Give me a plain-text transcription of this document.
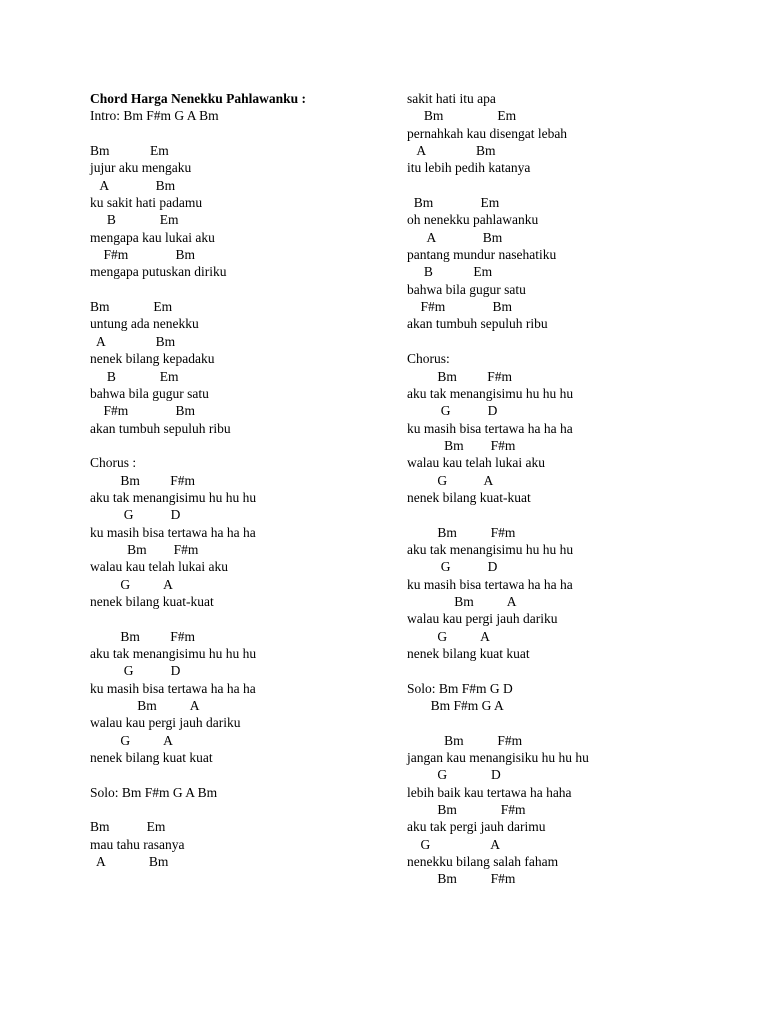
Chord Harga Nenekku Pahlawanku :
Intro: Bm F#m G A Bm
Bm            Em
jujur aku mengaku
A              Bm
ku sakit hati padamu
B             Em
mengapa kau lukai aku
F#m              Bm
mengapa putuskan diriku
Bm             Em
untung ada nenekku
A               Bm
nenek bilang kepadaku
B             Em
bahwa bila gugur satu
F#m              Bm
akan tumbuh sepuluh ribu
Chorus :
Bm         F#m
aku tak menangisimu hu hu hu
G           D
ku masih bisa tertawa ha ha ha
Bm        F#m
walau kau telah lukai aku
G          A
nenek bilang kuat-kuat
Bm         F#m
aku tak menangisimu hu hu hu
G           D
ku masih bisa tertawa ha ha ha
Bm          A
walau kau pergi jauh dariku
G          A
nenek bilang kuat kuat
Solo: Bm F#m G A Bm
Bm           Em
mau tahu rasanya
A             Bm
sakit hati itu apa
Bm                Em
pernahkah kau disengat lebah
A               Bm
itu lebih pedih katanya
Bm              Em
oh nenekku pahlawanku
A              Bm
pantang mundur nasehatiku
B            Em
bahwa bila gugur satu
F#m              Bm
akan tumbuh sepuluh ribu
Chorus:
Bm         F#m
aku tak menangisimu hu hu hu
G           D
ku masih bisa tertawa ha ha ha
Bm        F#m
walau kau telah lukai aku
G           A
nenek bilang kuat-kuat
Bm          F#m
aku tak menangisimu hu hu hu
G           D
ku masih bisa tertawa ha ha ha
Bm          A
walau kau pergi jauh dariku
G          A
nenek bilang kuat kuat
Solo: Bm F#m G D
Bm F#m G A
Bm          F#m
jangan kau menangisiku hu hu hu
G             D
lebih baik kau tertawa ha haha
Bm             F#m
aku tak pergi jauh darimu
G                  A
nenekku bilang salah faham
Bm          F#m
